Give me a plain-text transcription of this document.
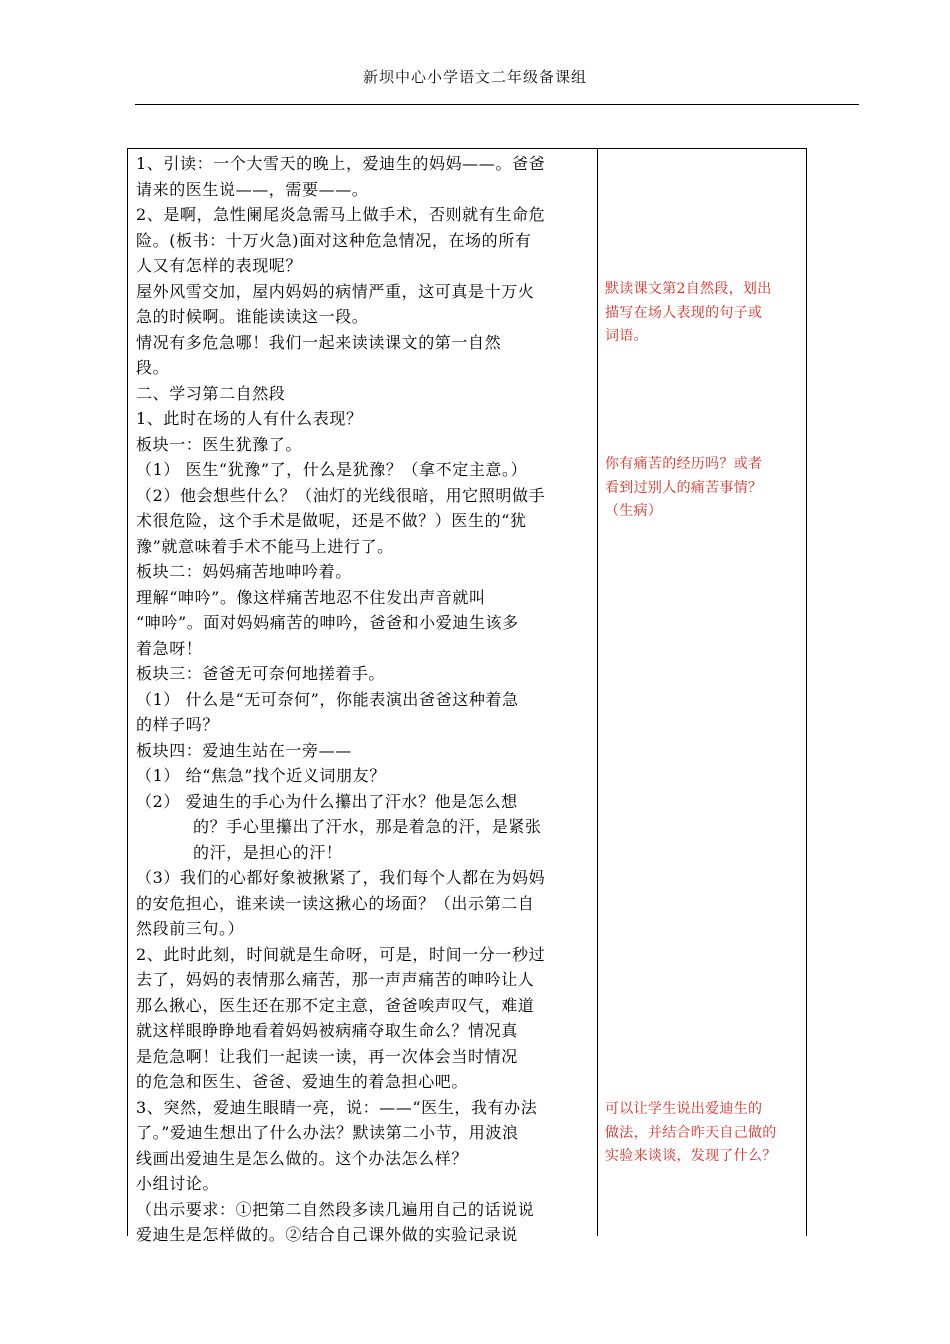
新坝中心小学语文二年级备课组
1、引读：一个大雪天的晚上，爱迪生的妈妈——。爸爸
请来的医生说——，需要——。
2、是啊，急性阑尾炎急需马上做手术，否则就有生命危
险。(板书：十万火急)面对这种危急情况，在场的所有
人又有怎样的表现呢？
屋外风雪交加，屋内妈妈的病情严重，这可真是十万火
急的时候啊。谁能读读这一段。
情况有多危急哪！我们一起来读读课文的第一自然
段。
二、学习第二自然段
1、此时在场的人有什么表现？
板块一：医生犹豫了。
（1） 医生“犹豫”了，什么是犹豫？（拿不定主意。）
（2）他会想些什么？（油灯的光线很暗，用它照明做手
术很危险，这个手术是做呢，还是不做？）医生的“犹
豫”就意味着手术不能马上进行了。
板块二：妈妈痛苦地呻吟着。
理解“呻吟”。像这样痛苦地忍不住发出声音就叫
“呻吟”。面对妈妈痛苦的呻吟，爸爸和小爱迪生该多
着急呀！
板块三：爸爸无可奈何地搓着手。
（1） 什么是“无可奈何”，你能表演出爸爸这种着急
的样子吗？
板块四：爱迪生站在一旁——
（1） 给“焦急”找个近义词朋友？
（2） 爱迪生的手心为什么攥出了汗水？他是怎么想
的？手心里攥出了汗水，那是着急的汗，是紧张
的汗，是担心的汗！
（3）我们的心都好象被揪紧了，我们每个人都在为妈妈
的安危担心，谁来读一读这揪心的场面？（出示第二自
然段前三句。）
2、此时此刻，时间就是生命呀，可是，时间一分一秒过
去了，妈妈的表情那么痛苦，那一声声痛苦的呻吟让人
那么揪心，医生还在那不定主意，爸爸唉声叹气，难道
就这样眼睁睁地看着妈妈被病痛夺取生命么？情况真
是危急啊！让我们一起读一读，再一次体会当时情况
的危急和医生、爸爸、爱迪生的着急担心吧。
3、突然，爱迪生眼睛一亮，说：——“医生，我有办法
了。”爱迪生想出了什么办法？默读第二小节，用波浪
线画出爱迪生是怎么做的。这个办法怎么样？
小组讨论。
（出示要求：①把第二自然段多读几遍用自己的话说说
爱迪生是怎样做的。②结合自己课外做的实验记录说
默读课文第2自然段，划出
描写在场人表现的句子或
词语。
你有痛苦的经历吗？或者
看到过别人的痛苦事情？
（生病）
可以让学生说出爱迪生的
做法，并结合昨天自己做的
实验来谈谈，发现了什么？
